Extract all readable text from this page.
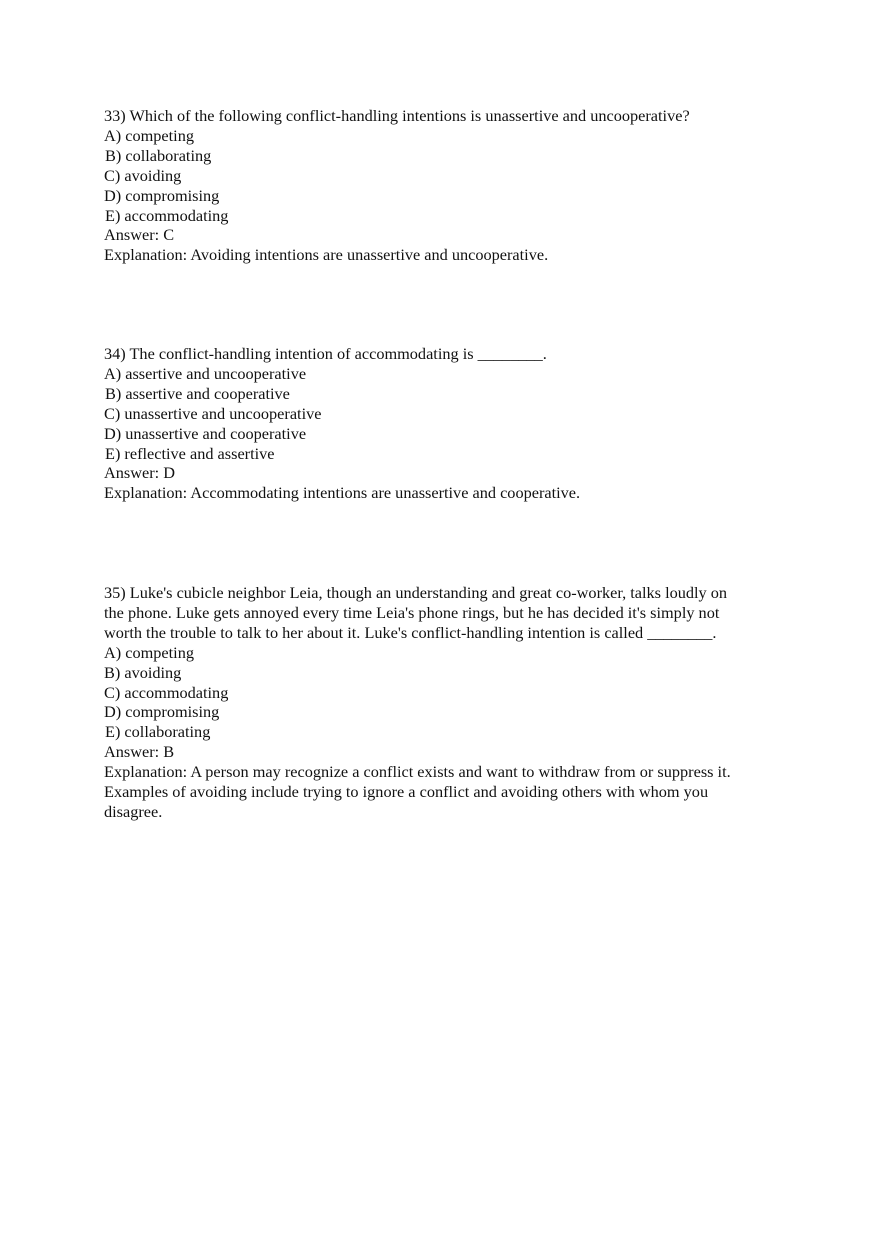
33) Which of the following conflict-handling intentions is unassertive and uncooperative?
A) competing
B) collaborating
C) avoiding
D) compromising
E) accommodating
Answer: C
Explanation: Avoiding intentions are unassertive and uncooperative.
34) The conflict-handling intention of accommodating is ________.
A) assertive and uncooperative
B) assertive and cooperative
C) unassertive and uncooperative
D) unassertive and cooperative
E) reflective and assertive
Answer: D
Explanation: Accommodating intentions are unassertive and cooperative.
35) Luke's cubicle neighbor Leia, though an understanding and great co-worker, talks loudly on
the phone. Luke gets annoyed every time Leia's phone rings, but he has decided it's simply not
worth the trouble to talk to her about it. Luke's conflict-handling intention is called ________.
A) competing
B) avoiding
C) accommodating
D) compromising
E) collaborating
Answer: B
Explanation: A person may recognize a conflict exists and want to withdraw from or suppress it.
Examples of avoiding include trying to ignore a conflict and avoiding others with whom you
disagree.
